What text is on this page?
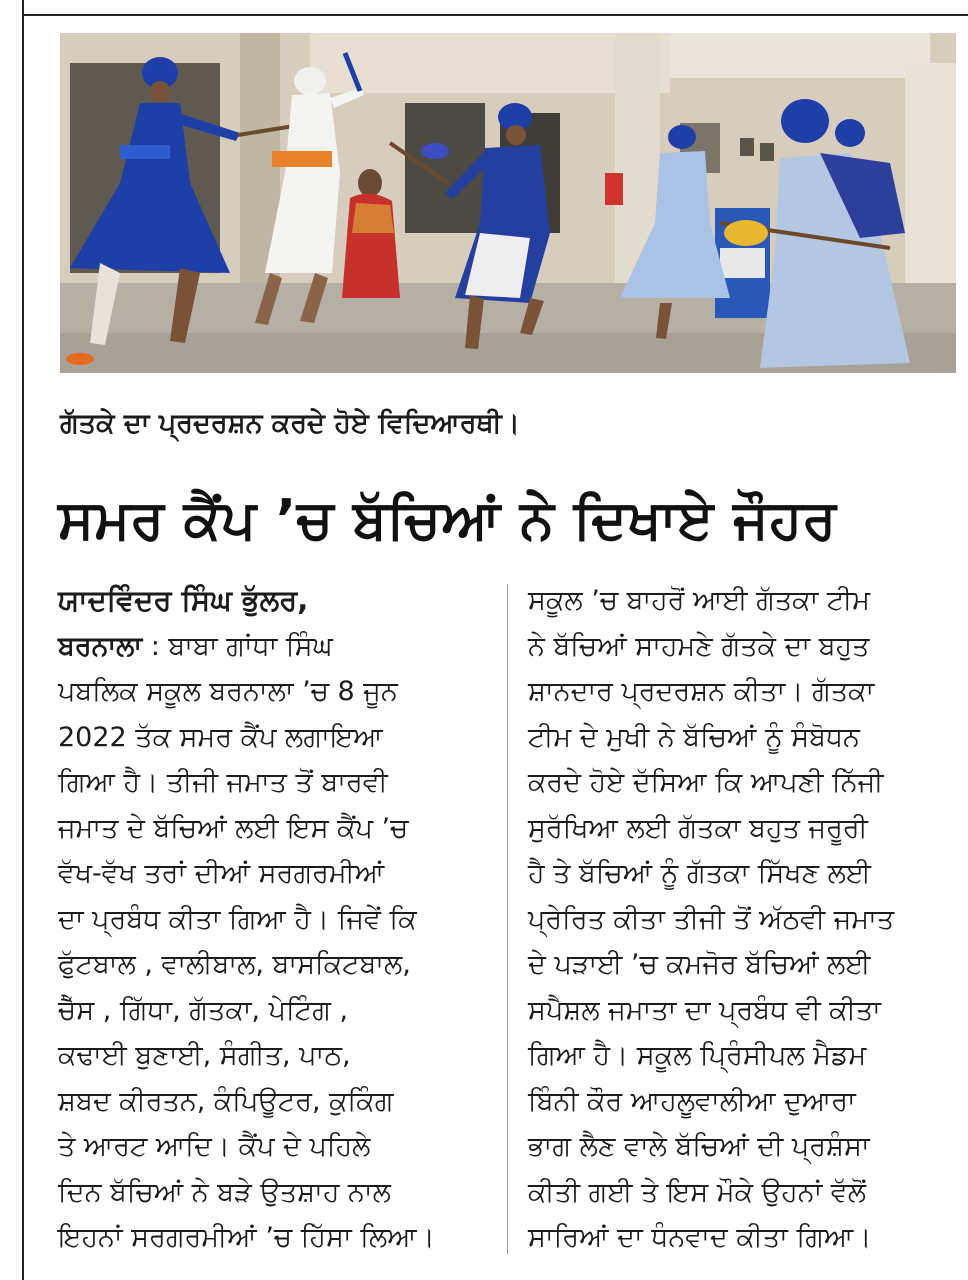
ਗੱਤਕੇ ਦਾ ਪ੍ਰਦਰਸ਼ਨ ਕਰਦੇ ਹੋਏ ਵਿਦਿਆਰਥੀ।
ਸਮਰ ਕੈਂਪ ’ਚ ਬੱਚਿਆਂ ਨੇ ਦਿਖਾਏ ਜੌਹਰ
ਯਾਦਵਿੰਦਰ ਸਿੰਘ ਭੁੱਲਰ,
ਬਰਨਾਲਾ : ਬਾਬਾ ਗਾਂਧਾ ਸਿੰਘ
ਪਬਲਿਕ ਸਕੂਲ ਬਰਨਾਲਾ ’ਚ 8 ਜੂਨ
2022 ਤੱਕ ਸਮਰ ਕੈਂਪ ਲਗਾਇਆ
ਗਿਆ ਹੈ। ਤੀਜੀ ਜਮਾਤ ਤੋਂ ਬਾਰਵੀ
ਜਮਾਤ ਦੇ ਬੱਚਿਆਂ ਲਈ ਇਸ ਕੈਂਪ ’ਚ
ਵੱਖ-ਵੱਖ ਤਰਾਂ ਦੀਆਂ ਸਰਗਰਮੀਆਂ
ਦਾ ਪ੍ਰਬੰਧ ਕੀਤਾ ਗਿਆ ਹੈ। ਜਿਵੇਂ ਕਿ
ਫੁੱਟਬਾਲ , ਵਾਲੀਬਾਲ, ਬਾਸਕਿਟਬਾਲ,
ਚੈੱਸ , ਗਿੱਧਾ, ਗੱਤਕਾ, ਪੇਟਿੰਗ ,
ਕਢਾਈ ਬੁਣਾਈ, ਸੰਗੀਤ, ਪਾਠ,
ਸ਼ਬਦ ਕੀਰਤਨ, ਕੰਪਿਊਟਰ, ਕੁਕਿੰਗ
ਤੇ ਆਰਟ ਆਦਿ। ਕੈਂਪ ਦੇ ਪਹਿਲੇ
ਦਿਨ ਬੱਚਿਆਂ ਨੇ ਬੜੇ ਉਤਸ਼ਾਹ ਨਾਲ
ਇਹਨਾਂ ਸਰਗਰਮੀਆਂ ’ਚ ਹਿੱਸਾ ਲਿਆ।
ਸਕੂਲ ’ਚ ਬਾਹਰੋਂ ਆਈ ਗੱਤਕਾ ਟੀਮ
ਨੇ ਬੱਚਿਆਂ ਸਾਹਮਣੇ ਗੱਤਕੇ ਦਾ ਬਹੁਤ
ਸ਼ਾਨਦਾਰ ਪ੍ਰਦਰਸ਼ਨ ਕੀਤਾ। ਗੱਤਕਾ
ਟੀਮ ਦੇ ਮੁਖੀ ਨੇ ਬੱਚਿਆਂ ਨੂੰ ਸੰਬੋਧਨ
ਕਰਦੇ ਹੋਏ ਦੱਸਿਆ ਕਿ ਆਪਣੀ ਨਿੱਜੀ
ਸੁਰੱਖਿਆ ਲਈ ਗੱਤਕਾ ਬਹੁਤ ਜਰੂਰੀ
ਹੈ ਤੇ ਬੱਚਿਆਂ ਨੂੰ ਗੱਤਕਾ ਸਿੱਖਣ ਲਈ
ਪ੍ਰੇਰਿਤ ਕੀਤਾ ਤੀਜੀ ਤੋਂ ਅੱਠਵੀ ਜਮਾਤ
ਦੇ ਪੜਾਈ ’ਚ ਕਮਜੋਰ ਬੱਚਿਆਂ ਲਈ
ਸਪੈਸ਼ਲ ਜਮਾਤਾ ਦਾ ਪ੍ਰਬੰਧ ਵੀ ਕੀਤਾ
ਗਿਆ ਹੈ। ਸਕੂਲ ਪ੍ਰਿੰਸੀਪਲ ਮੈਡਮ
ਬਿੰਨੀ ਕੌਰ ਆਹਲੂਵਾਲੀਆ ਦੁਆਰਾ
ਭਾਗ ਲੈਣ ਵਾਲੇ ਬੱਚਿਆਂ ਦੀ ਪ੍ਰਸ਼ੰਸਾ
ਕੀਤੀ ਗਈ ਤੇ ਇਸ ਮੌਕੇ ਉਹਨਾਂ ਵੱਲੋਂ
ਸਾਰਿਆਂ ਦਾ ਧੰਨਵਾਦ ਕੀਤਾ ਗਿਆ।
